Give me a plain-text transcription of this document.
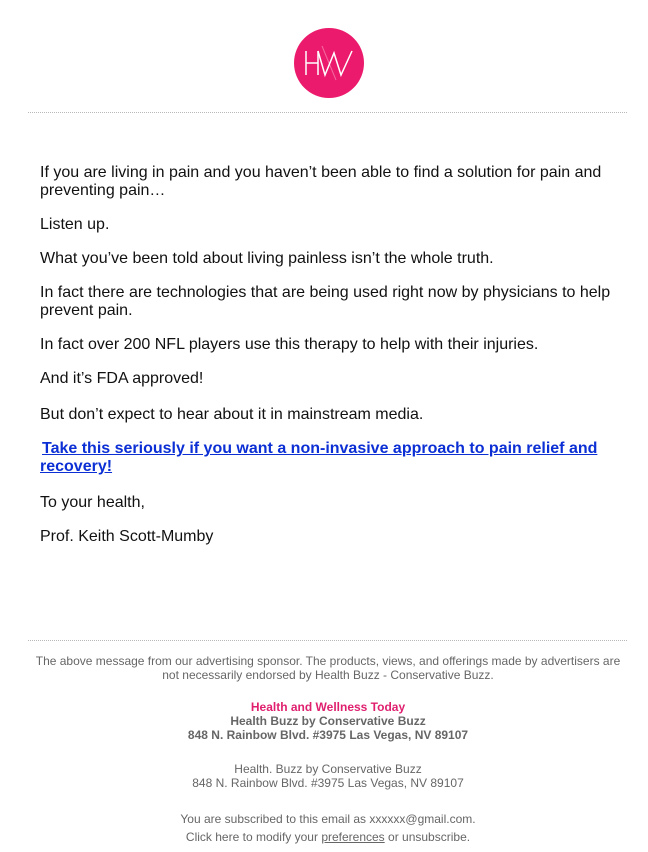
If you are living in pain and you haven’t been able to find a solution for pain and preventing pain…

Listen up.

What you’ve been told about living painless isn’t the whole truth.

In fact there are technologies that are being used right now by physicians to help prevent pain.

In fact over 200 NFL players use this therapy to help with their injuries.

And it’s FDA approved!

But don’t expect to hear about it in mainstream media.

Take this seriously if you want a non-invasive approach to pain relief and recovery!

To your health,

Prof. Keith Scott-Mumby

The above message from our advertising sponsor. The products, views, and offerings made by advertisers are not necessarily endorsed by Health Buzz - Conservative Buzz.

Health and Wellness Today

Health Buzz by Conservative Buzz

848 N. Rainbow Blvd. #3975 Las Vegas, NV 89107

Health. Buzz by Conservative Buzz

848 N. Rainbow Blvd. #3975 Las Vegas, NV 89107

You are subscribed to this email as xxxxxx@gmail.com.

Click here to modify your preferences or unsubscribe.
